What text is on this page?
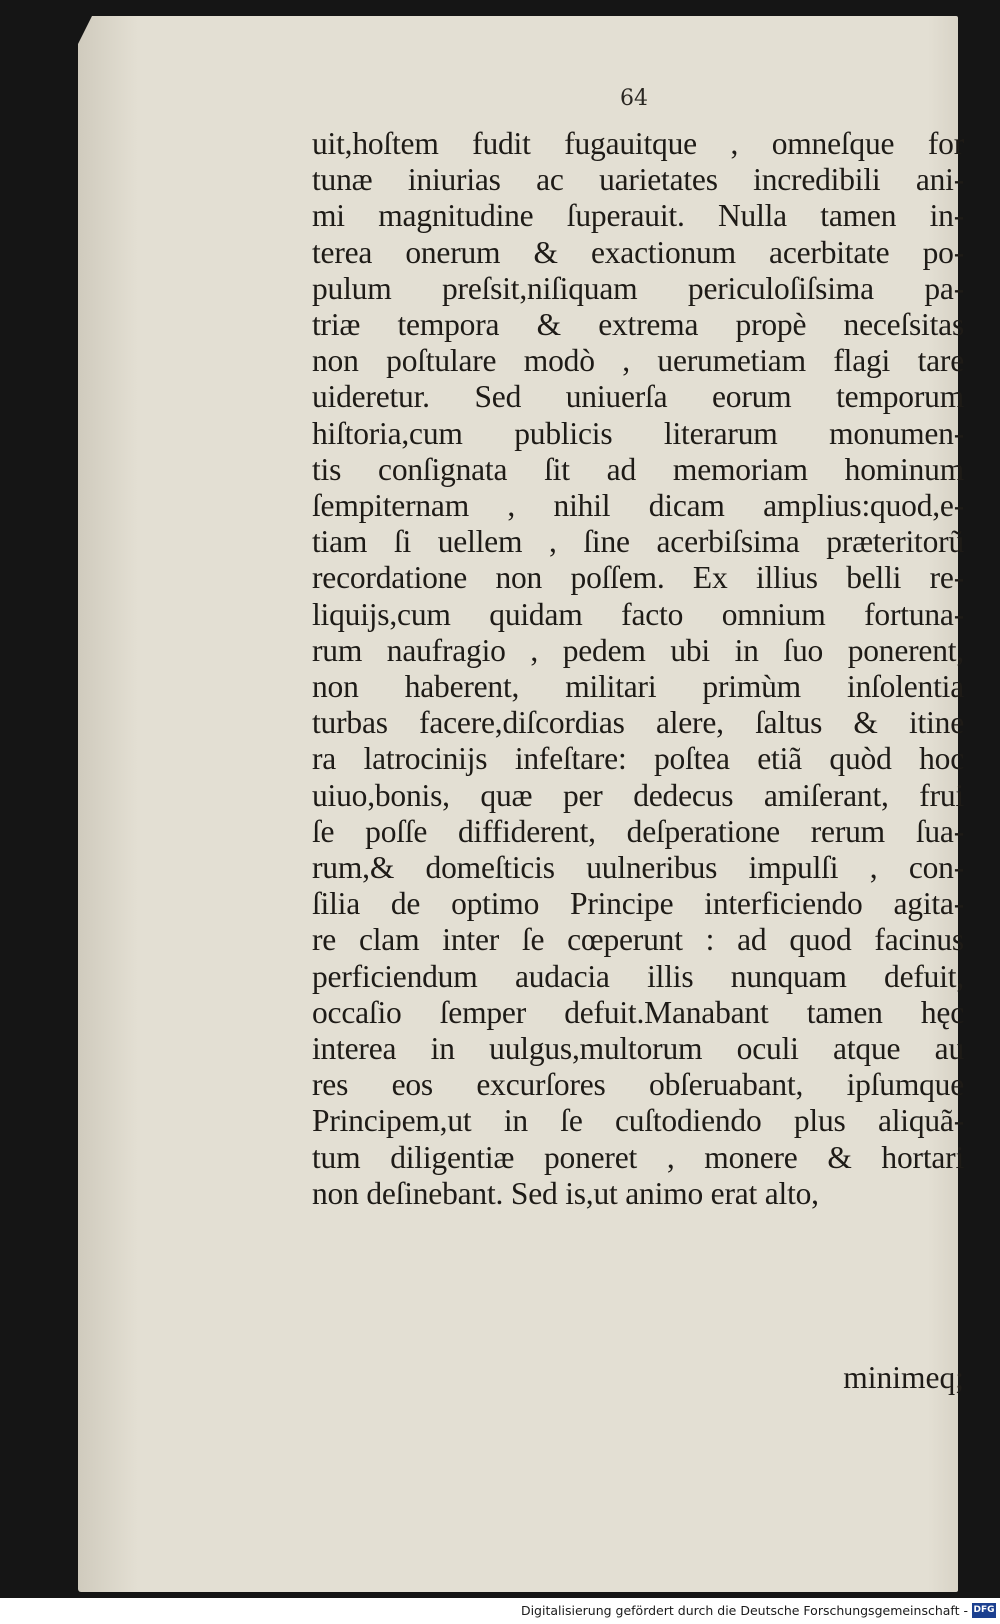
64
uit,hoſtem fudit fugauitque , omneſque for
tunæ iniurias ac uarietates incredibili ani-
mi magnitudine ſuperauit. Nulla tamen in-
terea onerum & exactionum acerbitate po-
pulum preſsit,niſiquam periculoſiſsima pa-
triæ tempora & extrema propè neceſsitas
non poſtulare modò , uerumetiam flagi tare
uideretur. Sed uniuerſa eorum temporum
hiſtoria,cum publicis literarum monumen-
tis conſignata ſit ad memoriam hominum
ſempiternam , nihil dicam amplius:quod,e-
tiam ſi uellem , ſine acerbiſsima præteritorũ
recordatione non poſſem. Ex illius belli re-
liquijs,cum quidam facto omnium fortuna-
rum naufragio , pedem ubi in ſuo ponerent,
non haberent, militari primùm inſolentia
turbas facere,diſcordias alere, ſaltus & itine
ra latrocinijs infeſtare: poſtea etiã quòd hoc
uiuo,bonis, quæ per dedecus amiſerant, frui
ſe poſſe diffiderent, deſperatione rerum ſua-
rum,& domeſticis uulneribus impulſi , con-
ſilia de optimo Principe interficiendo agita-
re clam inter ſe cœperunt : ad quod facinus
perficiendum audacia illis nunquam defuit,
occaſio ſemper defuit.Manabant tamen hęc
interea in uulgus,multorum oculi atque au
res eos excurſores obſeruabant, ipſumque
Principem,ut in ſe cuſtodiendo plus aliquã-
tum diligentiæ poneret , monere & hortari
non deſinebant. Sed is,ut animo erat alto,
minimeq;
Digitalisierung gefördert durch die Deutsche Forschungsgemeinschaft - DFG
